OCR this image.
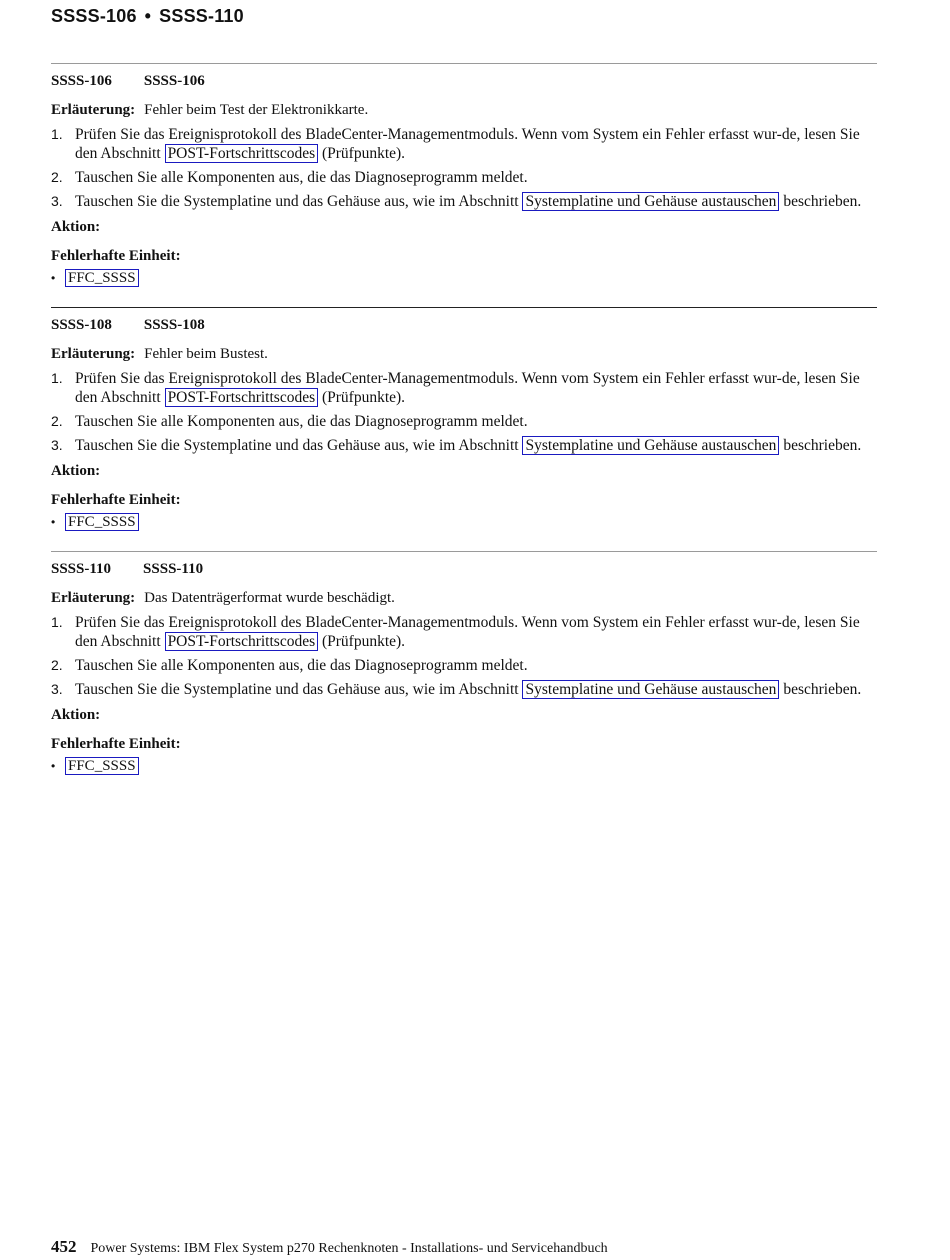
SSSS-106 • SSSS-110
SSSS-106 SSSS-106
Erläuterung: Fehler beim Test der Elektronikkarte.
1. Prüfen Sie das Ereignisprotokoll des BladeCenter-Managementmoduls. Wenn vom System ein Fehler erfasst wur-de, lesen Sie den Abschnitt POST-Fortschrittscodes (Prüfpunkte).
2. Tauschen Sie alle Komponenten aus, die das Diagnoseprogramm meldet.
3. Tauschen Sie die Systemplatine und das Gehäuse aus, wie im Abschnitt Systemplatine und Gehäuse austauschen beschrieben.
Aktion:
Fehlerhafte Einheit:
• FFC_SSSS
SSSS-108 SSSS-108
Erläuterung: Fehler beim Bustest.
1. Prüfen Sie das Ereignisprotokoll des BladeCenter-Managementmoduls. Wenn vom System ein Fehler erfasst wur-de, lesen Sie den Abschnitt POST-Fortschrittscodes (Prüfpunkte).
2. Tauschen Sie alle Komponenten aus, die das Diagnoseprogramm meldet.
3. Tauschen Sie die Systemplatine und das Gehäuse aus, wie im Abschnitt Systemplatine und Gehäuse austauschen beschrieben.
Aktion:
Fehlerhafte Einheit:
• FFC_SSSS
SSSS-110 SSSS-110
Erläuterung: Das Datenträgerformat wurde beschädigt.
1. Prüfen Sie das Ereignisprotokoll des BladeCenter-Managementmoduls. Wenn vom System ein Fehler erfasst wur-de, lesen Sie den Abschnitt POST-Fortschrittscodes (Prüfpunkte).
2. Tauschen Sie alle Komponenten aus, die das Diagnoseprogramm meldet.
3. Tauschen Sie die Systemplatine und das Gehäuse aus, wie im Abschnitt Systemplatine und Gehäuse austauschen beschrieben.
Aktion:
Fehlerhafte Einheit:
• FFC_SSSS
452 Power Systems: IBM Flex System p270 Rechenknoten - Installations- und Servicehandbuch
